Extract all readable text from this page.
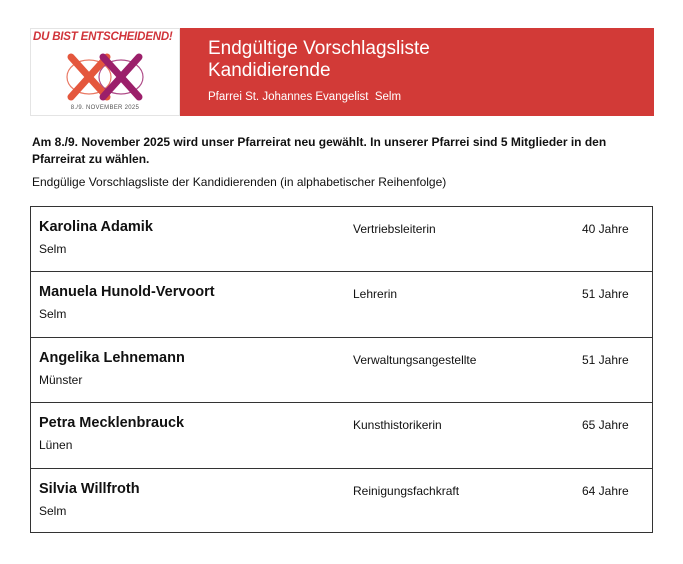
DU BIST ENTSCHEIDEND!
8./9. NOVEMBER 2025
Endgültige Vorschlagsliste
Kandidierende
Pfarrei St. Johannes Evangelist  Selm
Am 8./9. November 2025 wird unser Pfarreirat neu gewählt. In unserer Pfarrei sind 5 Mitglieder in den Pfarreirat zu wählen.
Endgülige Vorschlagsliste der Kandidierenden (in alphabetischer Reihenfolge)
Karolina Adamik
Selm
Vertriebsleiterin	40 Jahre
Manuela Hunold-Vervoort
Selm
Lehrerin	51 Jahre
Angelika Lehnemann
Münster
Verwaltungsangestellte	51 Jahre
Petra Mecklenbrauck
Lünen
Kunsthistorikerin	65 Jahre
Silvia Willfroth
Selm
Reinigungsfachkraft	64 Jahre
